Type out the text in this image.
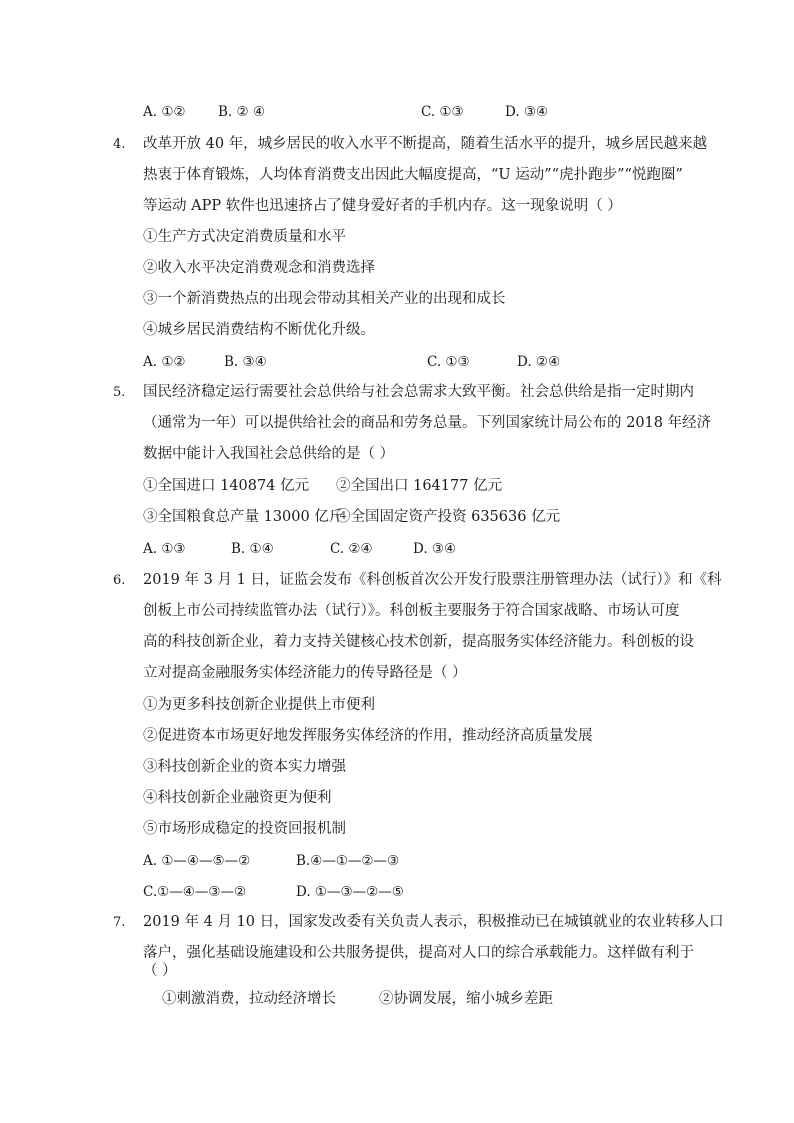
A. ①② B. ② ④	C. ①③	D. ③④
4. 改革开放 40 年，城乡居民的收入水平不断提高，随着生活水平的提升，城乡居民越来越
热衷于体育锻炼，人均体育消费支出因此大幅度提高，“U 运动”“虎扑跑步”“悦跑圈”
等运动 APP 软件也迅速挤占了健身爱好者的手机内存。这一现象说明（ ）
①生产方式决定消费质量和水平
②收入水平决定消费观念和消费选择
③一个新消费热点的出现会带动其相关产业的出现和成长
④城乡居民消费结构不断优化升级。
A. ①②	B. ③④	C. ①③	D. ②④
5. 国民经济稳定运行需要社会总供给与社会总需求大致平衡。社会总供给是指一定时期内
（通常为一年）可以提供给社会的商品和劳务总量。下列国家统计局公布的 2018 年经济
数据中能计入我国社会总供给的是（ ）
①全国进口 140874 亿元 ②全国出口 164177 亿元
③全国粮食总产量 13000 亿斤
④全国固定资产投资 635636 亿元
A. ①③	B. ①④	C. ②④	D. ③④
6. 2019 年 3 月 1 日，证监会发布《科创板首次公开发行股票注册管理办法（试行）》和《科
创板上市公司持续监管办法（试行）》。科创板主要服务于符合国家战略、市场认可度
高的科技创新企业，着力支持关键核心技术创新，提高服务实体经济能力。科创板的设
立对提高金融服务实体经济能力的传导路径是（ ）
①为更多科技创新企业提供上市便利
②促进资本市场更好地发挥服务实体经济的作用，推动经济高质量发展
③科技创新企业的资本实力增强
④科技创新企业融资更为便利
⑤市场形成稳定的投资回报机制
A. ①—④—⑤—②	B.④—①—②—③
C.①—④—③—②	D. ①—③—②—⑤
7. 2019 年 4 月 10 日，国家发改委有关负责人表示，积极推动已在城镇就业的农业转移人口
落户，强化基础设施建设和公共服务提供，提高对人口的综合承载能力。这样做有利于
（ ）
①刺激消费，拉动经济增长	②协调发展，缩小城乡差距
